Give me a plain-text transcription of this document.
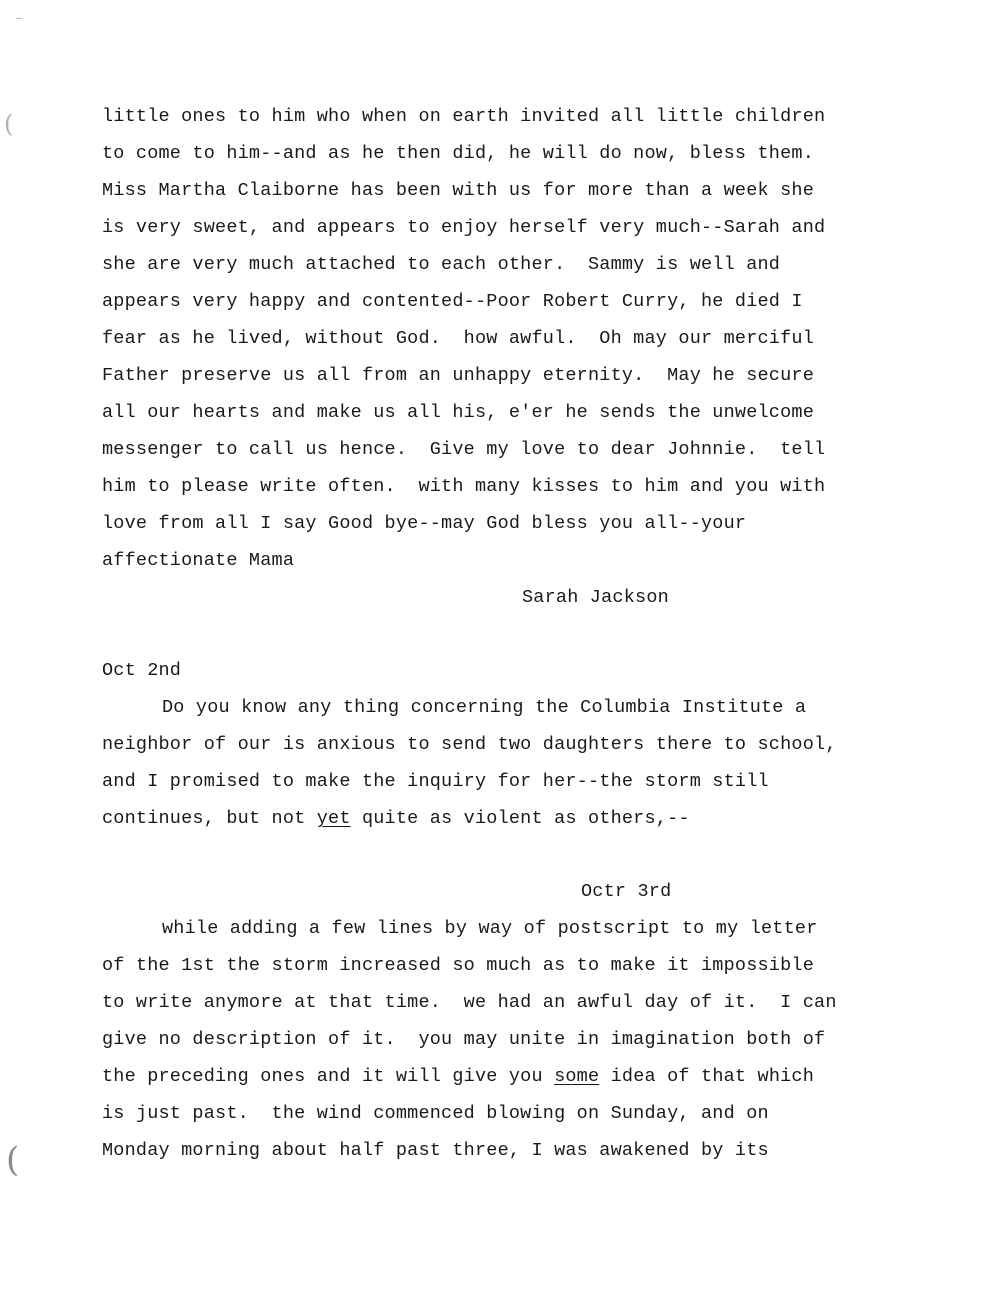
(
(
little ones to him who when on earth invited all little children
to come to him--and as he then did, he will do now, bless them.
Miss Martha Claiborne has been with us for more than a week she
is very sweet, and appears to enjoy herself very much--Sarah and
she are very much attached to each other.  Sammy is well and
appears very happy and contented--Poor Robert Curry, he died I
fear as he lived, without God.  how awful.  Oh may our merciful
Father preserve us all from an unhappy eternity.  May he secure
all our hearts and make us all his, e'er he sends the unwelcome
messenger to call us hence.  Give my love to dear Johnnie.  tell
him to please write often.  with many kisses to him and you with
love from all I say Good bye--may God bless you all--your
affectionate Mama
Sarah Jackson
Oct 2nd
Do you know any thing concerning the Columbia Institute a
neighbor of our is anxious to send two daughters there to school,
and I promised to make the inquiry for her--the storm still
continues, but not yet quite as violent as others,--
Octr 3rd
while adding a few lines by way of postscript to my letter
of the 1st the storm increased so much as to make it impossible
to write anymore at that time.  we had an awful day of it.  I can
give no description of it.  you may unite in imagination both of
the preceding ones and it will give you some idea of that which
is just past.  the wind commenced blowing on Sunday, and on
Monday morning about half past three, I was awakened by its
